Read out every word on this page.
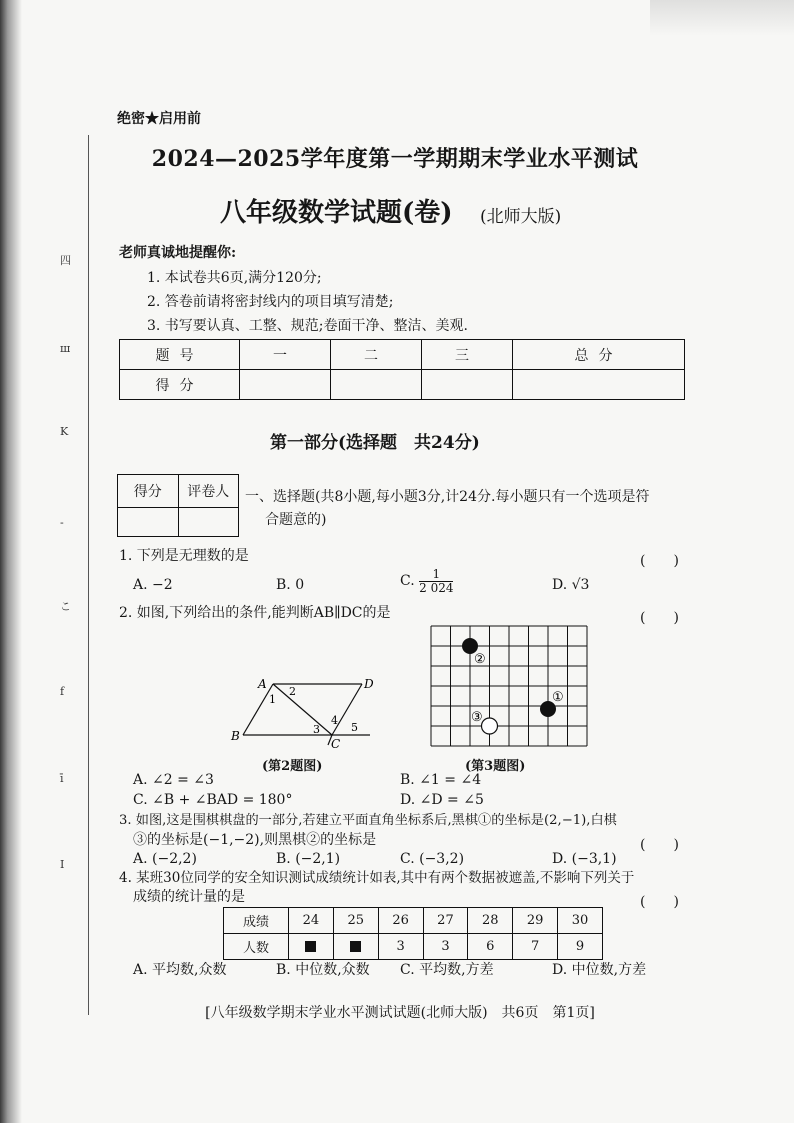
四
ш
K
-
こ
f
ī
I
绝密★启用前
2024—2025学年度第一学期期末学业水平测试
八年级数学试题(卷) (北师大版)
老师真诚地提醒你:
1. 本试卷共6页,满分120分;
2. 答卷前请将密封线内的项目填写清楚;
3. 书写要认真、工整、规范;卷面干净、整洁、美观.
题号	一	二	三	总分
得分				
第一部分(选择题　共24分)
得分	评卷人
	一、选择题(共8小题,每小题3分,计24分.每小题只有一个选项是符
合题意的)
1. 下列是无理数的是	(　　)
A. −2	B. 0	C. $\frac{1}{2 024}$	D. √3
2. 如图,下列给出的条件,能判断AB∥DC的是	(　　)
A
B
C
D
1
2
3
4
5
(第2题图)
②
①
③
(第3题图)
A. ∠2 = ∠3	B. ∠1 = ∠4
C. ∠B + ∠BAD = 180°	D. ∠D = ∠5
3. 如图,这是围棋棋盘的一部分,若建立平面直角坐标系后,黑棋①的坐标是(2,−1),白棋
③的坐标是(−1,−2),则黑棋②的坐标是	(　　)
A. (−2,2)	B. (−2,1)	C. (−3,2)	D. (−3,1)
4. 某班30位同学的安全知识测试成绩统计如表,其中有两个数据被遮盖,不影响下列关于
成绩的统计量的是	(　　)
成绩	24	25	26	27	28	29	30
人数			3	3	6	7	9
A. 平均数,众数	B. 中位数,众数 C. 平均数,方差	D. 中位数,方差
[八年级数学期末学业水平测试试题(北师大版)　共6页　第1页]
